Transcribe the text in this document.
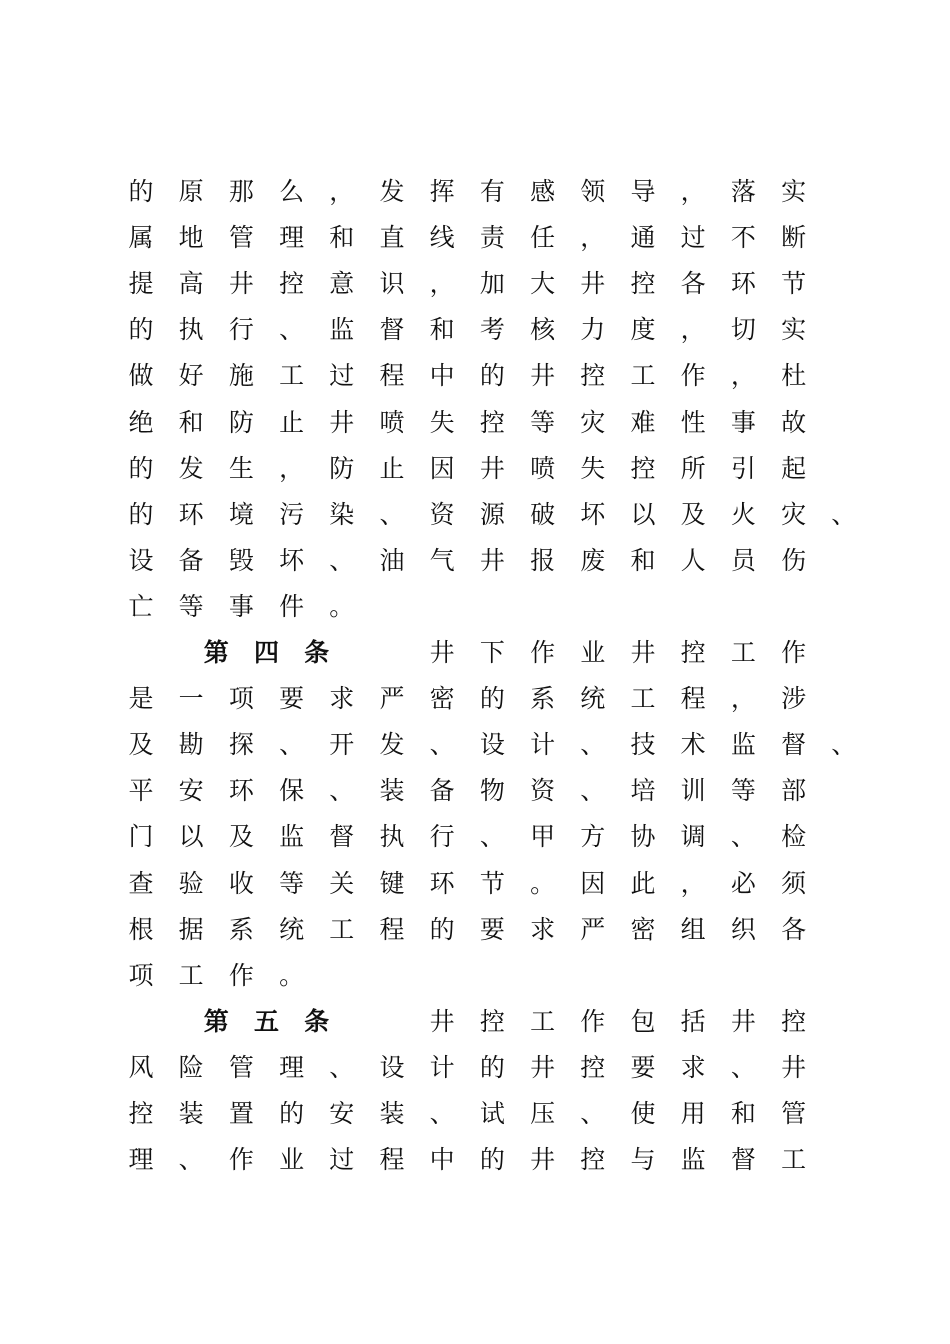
的 原 那 么 ， 发 挥 有 感 领 导 ， 落 实
属 地 管 理 和 直 线 责 任 ， 通 过 不 断
提 高 井 控 意 识 ， 加 大 井 控 各 环 节
的 执 行 、 监 督 和 考 核 力 度 ， 切 实
做 好 施 工 过 程 中 的 井 控 工 作 ， 杜
绝 和 防 止 井 喷 失 控 等 灾 难 性 事 故
的 发 生 ， 防 止 因 井 喷 失 控 所 引 起
的 环 境 污 染 、 资 源 破 坏 以 及 火 灾 、
设 备 毁 坏 、 油 气 井 报 废 和 人 员 伤
亡 等 事 件 。
第 四 条	井 下 作 业 井 控 工 作
是 一 项 要 求 严 密 的 系 统 工 程 ， 涉
及 勘 探 、 开 发 、 设 计 、 技 术 监 督 、
平 安 环 保 、 装 备 物 资 、 培 训 等 部
门 以 及 监 督 执 行 、 甲 方 协 调 、 检
查 验 收 等 关 键 环 节 。 因 此 ， 必 须
根 据 系 统 工 程 的 要 求 严 密 组 织 各
项 工 作 。
第 五 条	井 控 工 作 包 括 井 控
风 险 管 理 、 设 计 的 井 控 要 求 、 井
控 装 置 的 安 装 、 试 压 、 使 用 和 管
理 、 作 业 过 程 中 的 井 控 与 监 督 工
